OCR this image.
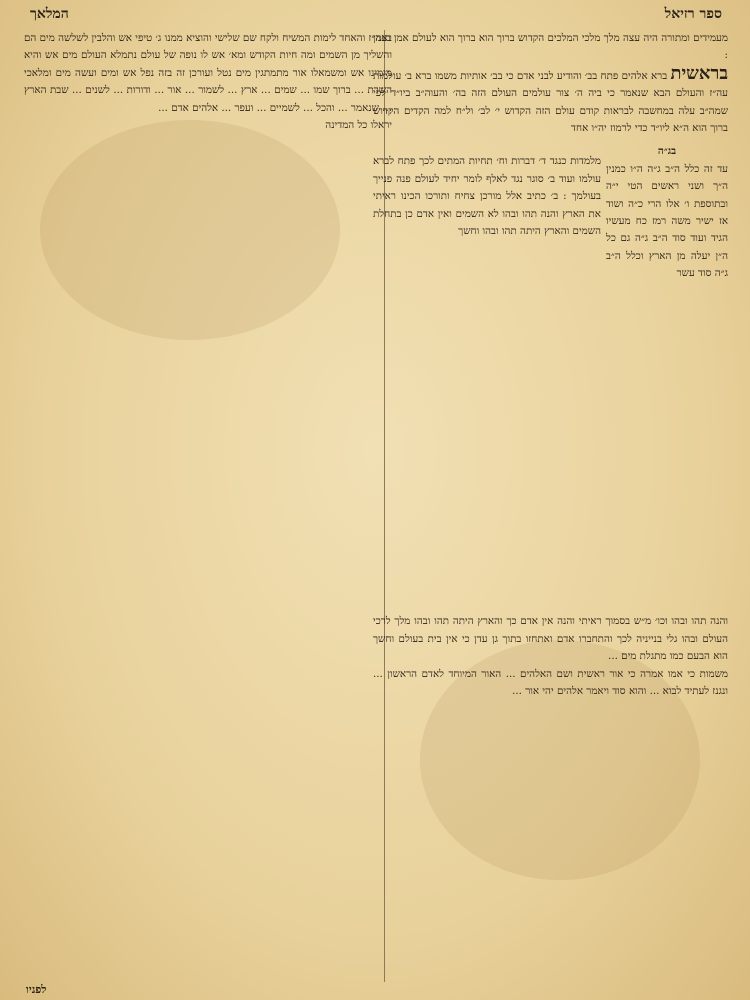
ספר רזיאל
המלאך

מעמידים ומתורה היה עצה מלך מלכי המלכים הקדוש ברוך הוא ברוך הוא לעולם אמן ואמן :

בראשית ברא אלהים פתח בב׳ והודיע לבני אדם כי בב׳ אותיות משמו ברא ב׳ עולמות עה״ז והעולם הבא שנאמר כי ביה ה׳ צור עולמים העולם הזה בה׳ והעוה״ב ביו״ד לפי שמה״ב עלה במחשבה לבראות קודם עולם הזה הקדוש י׳ לב׳ ול״ח למה הקדים הקדוש ברוך הוא ה״א ליו״ד כדי לרמוז יה״ו אחד

בג״ה
עד זה כלל ה״ב ג״ה ה״ו כמנין ה״ך ושני ראשים הטי י״ה ובתוספת ו׳ אלו הרי כ״ה ושוד אז ישיר משה רמז כח מעשיו הגיד ועוד סוד ה״ב ג״ה גם כל ה״ן יעלה מן הארץ וכלל ה״ב ג״ה סוד עשר
מלמדות כנגד ד׳ דברות וח׳ תחיות המתים לכך פתח לברא עולמו ועוד ב׳ סוגר נגד לאלף לומר יחיד לעולם פנה פנייך בעולמך : ב׳ כתיב אלל מורכן צחיח ותורכו הכינו ראיתי את הארץ והנה תהו ובהו לא השמים ואין אדם כן בתחלת השמים והארץ היתה תהו ובהו וחשך

והנה תהו ובהו וכו׳ מ״ש בסמוך ראיתי והנה אין אדם כך והארץ היתה תהו ובהו מלך לרכי העולם ובהו גלי בנייניה לכך והתחברו אדם ואתחזו בתוך גן עדן כי אין בית בעולם וחשך הוא הבעם כמו מתגלת מים ...

משמות כי אמו אמרה כי אור ראשית ושם האלהים ... האור המיוחד לאדם הראשון ... ונגנז לעתיד לבוא ... והוא סוד ויאמר אלהים יהי אור ...

בעה״ז והאחד לימות המשיח ולקח שם שלישי והוציא ממנו ג׳ טיפי אש והלבין לשלשה מים הם והשליך מן השמים ומה חיות הקודש ומא׳ אש לו נופה של עולם נתמלא העולם מים אש והיא מימינו אש ומשמאלו אור מתמתגין מים נטל ועורכן זה בזה נפל אש ומים ועשה מים ומלאכי השרת ... ברוך שמו ... שמים ... ארץ ... לשמור ... אור ... ודורות ... לשנים ... שבת הארץ ... שנאמר ... והכל ... לשמיים ... ועפר ... אלהים אדם ...

יראלו כל המדינה

לפניו
